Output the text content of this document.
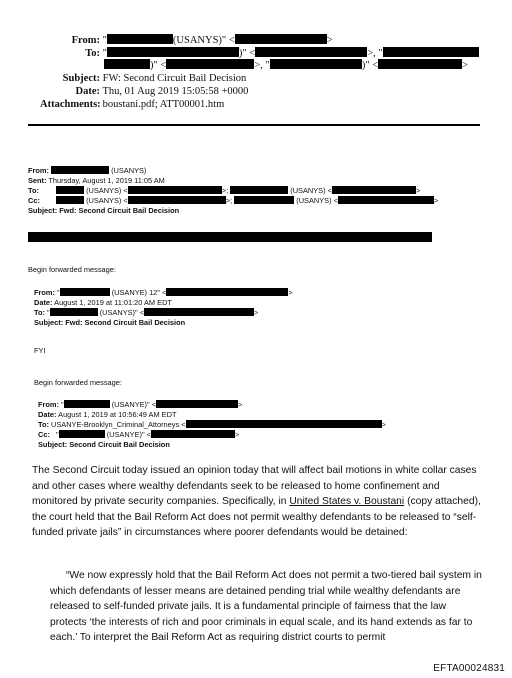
From: "	(USANYS)" <	>
To: "	)" <	>, "
)" <	>, "	)" <	>
Subject: FW: Second Circuit Bail Decision
Date: Thu, 01 Aug 2019 15:05:58 +0000
Attachments: boustani.pdf; ATT00001.htm
From:	(USANYS)
Sent: Thursday, August 1, 2019 11:05 AM
To:	(USANYS) <	>;	(USANYS) <	>
Cc:	(USANYS) <	>;	(USANYS) <	>
Subject: Fwd: Second Circuit Bail Decision
Begin forwarded message:
From: "	(USANYE) 12" <	>
Date: August 1, 2019 at 11:01:20 AM EDT
To: "	(USANYS)" <	>
Subject: Fwd: Second Circuit Bail Decision
FYI
Begin forwarded message:
From: "	(USANYE)" <	>
Date: August 1, 2019 at 10:56:49 AM EDT
To: USANYE-Brooklyn_Criminal_Attorneys <	>
Cc: "	(USANYE)" <	>
Subject: Second Circuit Bail Decision
The Second Circuit today issued an opinion today that will affect bail motions in white collar cases and other cases where wealthy defendants seek to be released to home confinement and monitored by private security companies. Specifically, in United States v. Boustani (copy attached), the court held that the Bail Reform Act does not permit wealthy defendants to be released to “self-funded private jails” in circumstances where poorer defendants would be detained:
“We now expressly hold that the Bail Reform Act does not permit a two-tiered bail system in which defendants of lesser means are detained pending trial while wealthy defendants are released to self-funded private jails. It is a fundamental principle of fairness that the law protects ‘the interests of rich and poor criminals in equal scale, and its hand extends as far to each.’ To interpret the Bail Reform Act as requiring district courts to permit
EFTA00024831
